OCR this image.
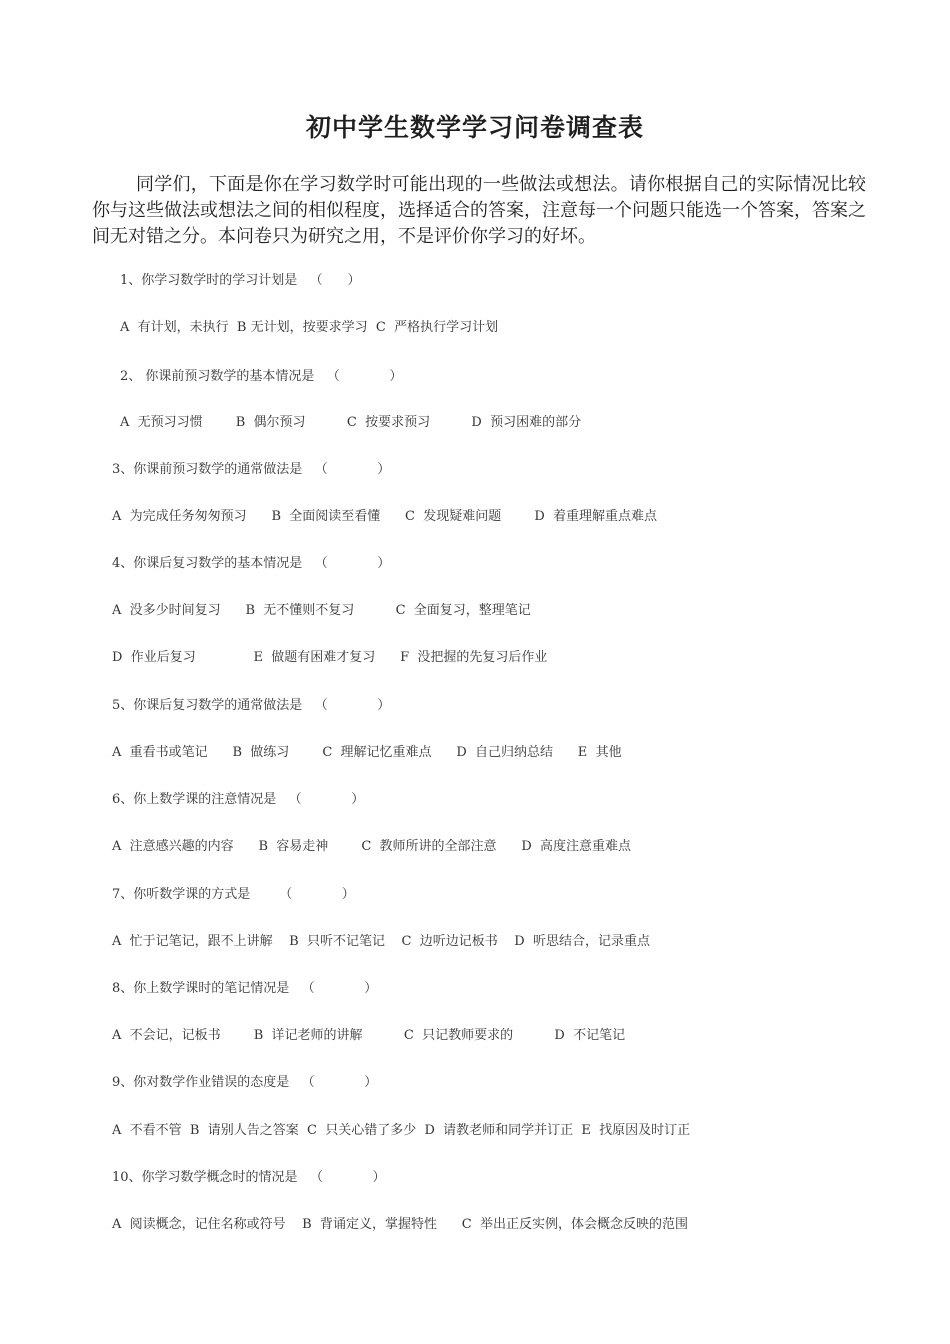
初中学生数学学习问卷调查表
同学们，下面是你在学习数学时可能出现的一些做法或想法。请你根据自己的实际情况比较你与这些做法或想法之间的相似程度，选择适合的答案，注意每一个问题只能选一个答案，答案之间无对错之分。本问卷只为研究之用，不是评价你学习的好坏。
1、你学习数学时的学习计划是   （      ）
A  有计划，未执行  B 无计划，按要求学习  C  严格执行学习计划
2、 你课前预习数学的基本情况是   （            ）
A  无预习习惯        B  偶尔预习          C  按要求预习          D  预习困难的部分
3、你课前预习数学的通常做法是   （            ）
A  为完成任务匆匆预习      B  全面阅读至看懂      C  发现疑难问题        D  着重理解重点难点
4、你课后复习数学的基本情况是   （            ）
A  没多少时间复习      B  无不懂则不复习          C  全面复习，整理笔记
D  作业后复习              E  做题有困难才复习      F  没把握的先复习后作业
5、你课后复习数学的通常做法是   （            ）
A  重看书或笔记      B  做练习        C  理解记忆重难点      D  自己归纳总结      E  其他
6、你上数学课的注意情况是   （            ）
A  注意感兴趣的内容      B  容易走神        C  教师所讲的全部注意      D  高度注意重难点
7、你听数学课的方式是       （            ）
A  忙于记笔记，跟不上讲解    B  只听不记笔记    C  边听边记板书    D  听思结合，记录重点
8、你上数学课时的笔记情况是   （            ）
A  不会记，记板书        B  详记老师的讲解          C  只记教师要求的          D  不记笔记
9、你对数学作业错误的态度是   （            ）
A  不看不管  B  请别人告之答案  C  只关心错了多少  D  请教老师和同学并订正  E  找原因及时订正
10、你学习数学概念时的情况是   （            ）
A  阅读概念，记住名称或符号    B  背诵定义，掌握特性      C  举出正反实例，体会概念反映的范围
